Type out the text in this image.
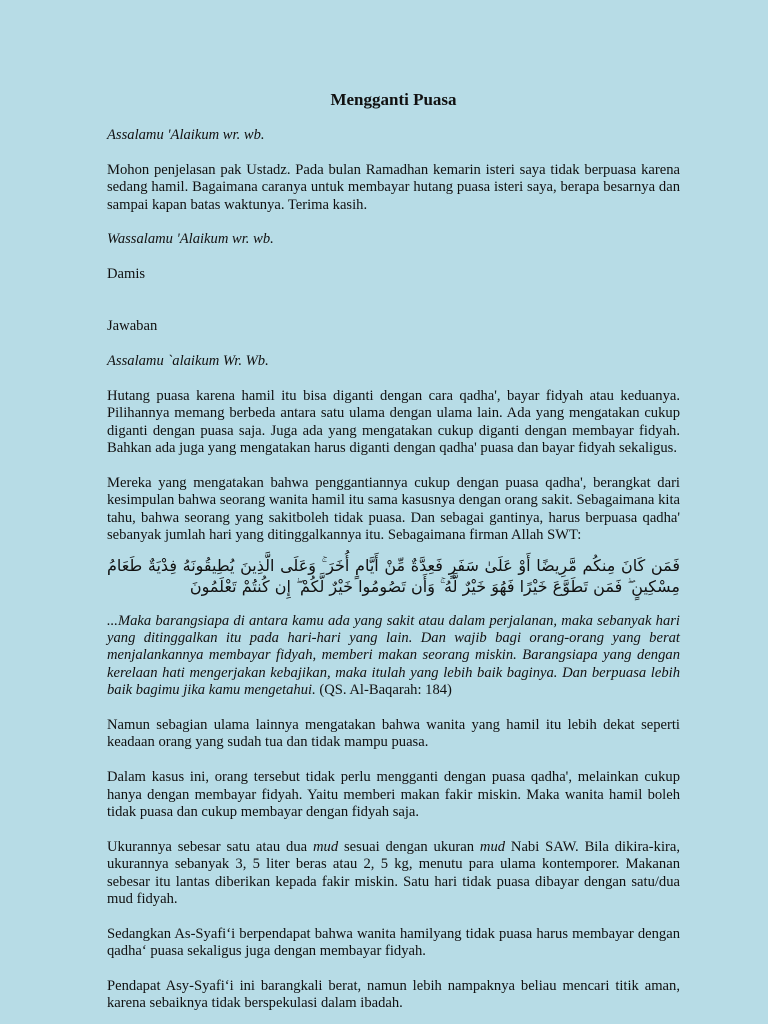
Mengganti Puasa

Assalamu 'Alaikum wr. wb.

Mohon penjelasan pak Ustadz. Pada bulan Ramadhan kemarin isteri saya tidak berpuasa karena sedang hamil. Bagaimana caranya untuk membayar hutang puasa isteri saya, berapa besarnya dan sampai kapan batas waktunya. Terima kasih.

Wassalamu 'Alaikum wr. wb.

Damis

Jawaban

Assalamu `alaikum Wr. Wb.

Hutang puasa karena hamil itu bisa diganti dengan cara qadha', bayar fidyah atau keduanya. Pilihannya memang berbeda antara satu ulama dengan ulama lain. Ada yang mengatakan cukup diganti dengan puasa saja. Juga ada yang mengatakan cukup diganti dengan membayar fidyah. Bahkan ada juga yang mengatakan harus diganti dengan qadha' puasa dan bayar fidyah sekaligus.

Mereka yang mengatakan bahwa penggantiannya cukup dengan puasa qadha', berangkat dari kesimpulan bahwa seorang wanita hamil itu sama kasusnya dengan orang sakit. Sebagaimana kita tahu, bahwa seorang yang sakitboleh tidak puasa. Dan sebagai gantinya, harus berpuasa qadha' sebanyak jumlah hari yang ditinggalkannya itu. Sebagaimana firman Allah SWT:

فَمَن كَانَ مِنكُم مَّرِيضًا أَوْ عَلَىٰ سَفَرٍ فَعِدَّةٌ مِّنْ أَيَّامٍ أُخَرَ ۚ وَعَلَى الَّذِينَ يُطِيقُونَهُ فِدْيَةٌ طَعَامُ مِسْكِينٍ ۖ فَمَن تَطَوَّعَ خَيْرًا فَهُوَ خَيْرٌ لَّهُ ۚ وَأَن تَصُومُوا خَيْرٌ لَّكُمْ ۖ إِن كُنتُمْ تَعْلَمُونَ

...Maka barangsiapa di antara kamu ada yang sakit atau dalam perjalanan, maka sebanyak hari yang ditinggalkan itu pada hari-hari yang lain. Dan wajib bagi orang-orang yang berat menjalankannya membayar fidyah, memberi makan seorang miskin. Barangsiapa yang dengan kerelaan hati mengerjakan kebajikan, maka itulah yang lebih baik baginya. Dan berpuasa lebih baik bagimu jika kamu mengetahui. (QS. Al-Baqarah: 184)

Namun sebagian ulama lainnya mengatakan bahwa wanita yang hamil itu lebih dekat seperti keadaan orang yang sudah tua dan tidak mampu puasa.

Dalam kasus ini, orang tersebut tidak perlu mengganti dengan puasa qadha', melainkan cukup hanya dengan membayar fidyah. Yaitu memberi makan fakir miskin. Maka wanita hamil boleh tidak puasa dan cukup membayar dengan fidyah saja.

Ukurannya sebesar satu atau dua mud sesuai dengan ukuran mud Nabi SAW. Bila dikira-kira, ukurannya sebanyak 3, 5 liter beras atau 2, 5 kg, menutu para ulama kontemporer. Makanan sebesar itu lantas diberikan kepada fakir miskin. Satu hari tidak puasa dibayar dengan satu/dua mud fidyah.

Sedangkan As-Syafi‘i berpendapat bahwa wanita hamilyang tidak puasa harus membayar dengan qadha‘ puasa sekaligus juga dengan membayar fidyah.

Pendapat Asy-Syafi‘i ini barangkali berat, namun lebih nampaknya beliau mencari titik aman, karena sebaiknya tidak berspekulasi dalam ibadah.
